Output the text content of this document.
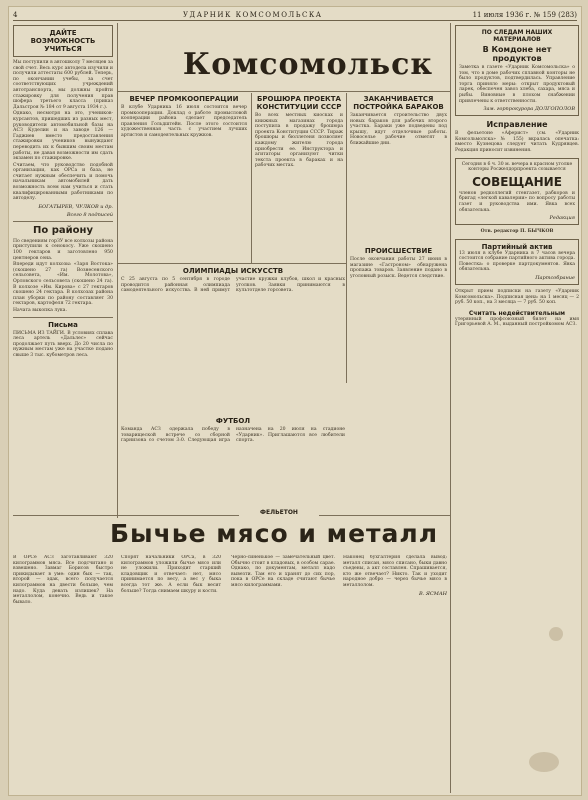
4	УДАРНИК КОМСОМОЛЬСКА	11 июля 1936 г. № 159 (283)
Комсомольск
ДАЙТЕ ВОЗМОЖНОСТЬ УЧИТЬСЯ

Мы поступили в автошколу 7 месяцев за свой счет. Весь курс автодела изучили и получили аттестаты 600 рублей. Теперь, по окончании учебы, за счет соответствующих учреждений автотранспорта, мы должны пройти стажировку для получения прав шофера третьего класса (приказ Дальстроя № 184 от 9 августа 1934 г.).

Однако, несмотря на это, учеников-курсантов, пришедших из разных мест, руководители автомобильной базы на АСЗ Куделин и на заводе 126 — Гаджиев вместо предоставления стажировки учеников вынуждают переводить их к бывшим своим местам работы, не давая возможности им сдать экзамен по стажировке.

Считаем, что руководство подобной организации, как ОРСа и база, не считает нужным обеспечить и помочь начальникам автомобилей дать возможность всем нам учиться и стать квалифицированными работниками по автоделу.

БОГАТЫРЕВ, ЧУЛКОВ и др.

Всего 8 подписей

По району

По сведениям горЗУ все колхозы района приступили к сенокосу. Уже скошено 100 гектаров и заготовлено 950 центнеров сена.

Впереди идут колхозы: «Заря Востока» (скошено 27 га) Вознесенского сельсовета, «Им. Молотова», Орловского сельсовета (скошено 24 га). В колхозе «Им. Кирова» с 27 гектаров скошено 24 гектара. В колхозах района план уборки по району составляет 30 гектаров, картофеля 72 гектара.

Начата выкопка лука.

Письма

ПИСЬМА ИЗ ТАЙГИ. В условиях сплава леса артель «Дальлес» сейчас продолжает путь вверх. До 20 числа по нужным местам уже на участке подано свыше 3 тыс. кубометров леса.

ВЕЧЕР ПРОМКООПЕРАЦИИ

В клубе Ударника 16 июля состоится вечер промкооперации. Доклад о работе промысловой кооперации района сделает председатель правления Гольдштейн. После этого состоится художественная часть с участием лучших артистов и самодеятельных кружков.

БРОШЮРА ПРОЕКТА КОНСТИТУЦИИ СССР

Во всех местных киосках и книжных магазинах города поступила в продажу брошюра проекта Конституции СССР. Тираж брошюры и бюллетеня позволяет каждому жителю города приобрести ее. Инструктора и агитаторы организуют читки текста проекта в бараках и на рабочих местах.

ЗАКАНЧИВАЕТСЯ ПОСТРОЙКА БАРАКОВ

Заканчивается строительство двух новых бараков для рабочих второго участка. Бараки уже подведены под крышу, идут отделочные работы. Новоселье рабочие отметят в ближайшие дни.

ПРОИСШЕСТВИЕ

После окончания работы 27 июня в магазине «Гастроном» обнаружена пропажа товаров. Заявление подано в уголовный розыск. Ведется следствие.

ОЛИМПИАДЫ ИСКУССТВ

С 25 августа по 5 сентября в городе проводится районная олимпиада самодеятельного искусства. В ней примут участие кружки клубов, школ и красных уголков. Заявки принимаются в культотделе горсовета.

ФУТБОЛ

Команда АСЗ одержала победу в товарищеской встрече со сборной гарнизона со счетом 3:0. Следующая игра назначена на 20 июля на стадионе «Ударник». Приглашаются все любители спорта.

ФЕЛЬЕТОН
Бычье мясо и металл

В ОРСе АСЗ заготавливают 320 килограммов мяса. Все подсчитано и взвешено. Завмаг Борисов быстро прикидывает в уме: один бык — так, второй — эдак, всего получается килограммов на двести больше, чем надо. Куда девать излишек? На металлолом, конечно. Ведь и такое бывало.

Спорят начальники ОРСа, в 320 килограммов уложили бычье мясо или не уложили. Приходит старший кладовщик и отвечает: нет, мясо принимается по весу, а вес у быка всегда тот же. А если бык весит больше? Тогда снимаем шкуру и кости.

Черно-синенькое — замечательный цвет. Обычно стоит в кладовых, в особом сарае. Однако, по документам, металл надо вывезти. Там его и хранят до сих пор, пока в ОРСе на складе считают бычье мясо килограммами.

Наконец бухгалтерия сделала вывод: металл списан, мясо списано, быки давно съедены, а акт составлен. Спрашивается, кто же отвечает? Никто. Так и уходит народное добро — через бычье мясо в металлолом.

В. ЯСМАН

ПО СЛЕДАМ НАШИХ МАТЕРИАЛОВ
В Комдоне нет продуктов

Заметка в газете «Ударник Комсомольска» о том, что в доме рабочих сплавной конторы не было продуктов, подтвердилась. Управление торга приняло меры: открыт продуктовый ларек, обеспечен завоз хлеба, сахара, мяса и рыбы. Виновные в плохом снабжении привлечены к ответственности.

Зам. горпрокурора ДОЛГОПОЛОВ

Исправление

В фельетоне «Аферист» (см. «Ударник Комсольмолска» № 155) вкралась опечатка: вместо Кузнецова следует читать Кудрявцев. Редакция приносит извинения.

Сегодня в 6 ч. 30 м. вечера в красном уголке конторы Росжелдорпроекта созывается

СОВЕЩАНИЕ

членов редколлегий стенгазет, рабкоров и бригад «легкой кавалерии» по вопросу работы газет и руководства ими. Явка всех обязательна.

Редакция

Отв. редактор П. БЫЧКОВ

Партийный актив

13 июля в клубе Ударника в 7 часов вечера состоится собрание партийного актива города. Повестка: о проверке партдокументов. Явка обязательна.

Партсобрание

Открыт прием подписки на газету «Ударник Комсомольска». Подписная цена: на 1 месяц — 2 руб. 50 коп., на 3 месяца — 7 руб. 50 коп.

Считать недействительным

утерянный профсоюзный билет на имя Григорьевой А. М., выданный постройкомом АСЗ.
